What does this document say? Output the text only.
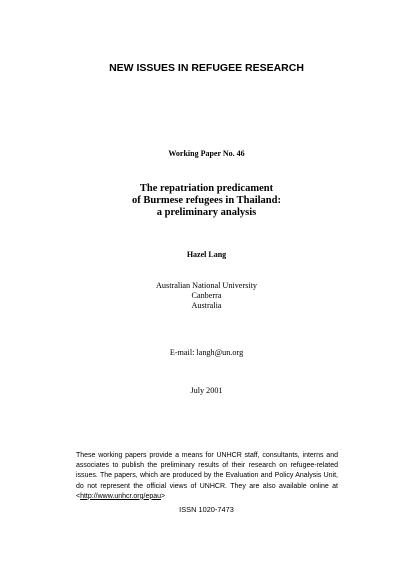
NEW ISSUES IN REFUGEE RESEARCH
Working Paper No. 46
The repatriation predicament
of Burmese refugees in Thailand:
a preliminary analysis
Hazel Lang
Australian National University
Canberra
Australia
E-mail: langh@un.org
July 2001
These working papers provide a means for UNHCR staff, consultants, interns and associates to publish the preliminary results of their research on refugee-related issues. The papers, which are produced by the Evaluation and Policy Analysis Unit, do not represent the official views of UNHCR. They are also available online at <http://www.unhcr.org/epau>
ISSN 1020-7473
